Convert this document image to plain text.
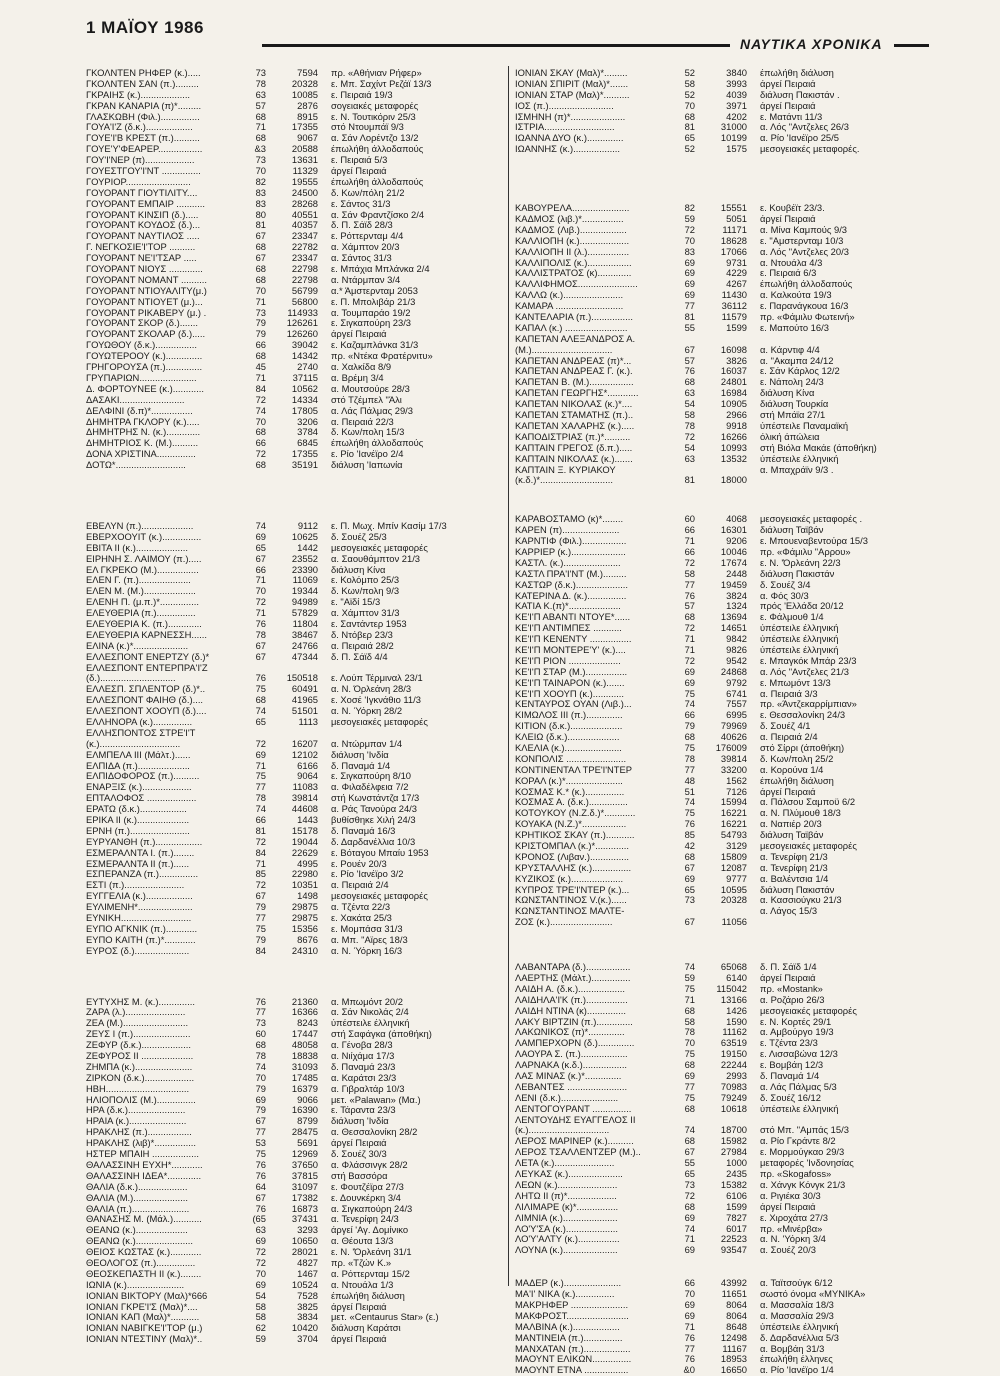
1 ΜΑΪΟΥ 1986
ΝΑΥΤΙΚΑ ΧΡΟΝΙΚΑ
ΓΚΟΛΝΤΕΝ ΡΗΦΕΡ (κ.).....	73	7594 πρ. «Αθήνιαν Ρήφερ»
ΓΚΟΛΝΤΕΝ ΣΑΝ (π.).........	78	20328 ε. Μπ. Σαχίντ Ρεζάϊ 13/3
ΓΚΡΑΙΗΣ (κ.)...................	63	10085 ε. Πειραιά 19/3
ΓΚΡΑΝ ΚΑΝΑΡΙΑ (π)*.........	57	2876 σογειακές μεταφορές
ΓΛΑΣΚΩΒΗ (Φιλ.)...............	68	8915 ε. Ν. Τουτικόριν 25/3
ΓΟΥΑ'Ι'Ζ (δ.κ.)..................	71	17355 στό Ντουμπάϊ 9/3
ΓΟΥΕ'Ι'Β ΚΡΕΣΤ (π.)..........	68	9067 α. Σάν Λορέντζο 13/2
ΓΟΥΕ'Υ'ΦΕΑΡΕΡ.................	&3	20588 έπωλήθη άλλοδαπούς
ΓΟΥ'Ι'ΝΕΡ (π)...................	73	13631 ε. Πειραιά 5/3
ΓΟΥΕΣΤΓΟΥ'Ι'ΝΤ ...............	70	11329 άργεί Πειραιά
ΓΟΥΡΙΟΡ.........................	82	19555 έπωλήθη άλλοδαπούς
ΓΟΥΟΡΑΝΤ ΓΙΟΥΤΙΛΙΤΥ....	83	24500 δ. Κων/πόλη 21/2
ΓΟΥΟΡΑΝΤ ΕΜΠΑΙΡ ...........	83	28268 ε. Σάντος 31/3
ΓΟΥΟΡΑΝΤ ΚΙΝΣΙΠ (δ.).....	80	40551 α. Σάν Φραντζίσκο 2/4
ΓΟΥΟΡΑΝΤ ΚΟΥΔΟΣ (δ.)...	81	40357 δ. Π. Σάϊδ 28/3
ΓΟΥΟΡΑΝΤ ΝΑΥΤΙΛΟΣ .....	67	23347 ε. Ρόττερνταμ 4/4
Γ. ΝΕΓΚΟΣΙΕ'Ι'ΤΟΡ ..........	68	22782 α. Χάμπτον 20/3
ΓΟΥΟΡΑΝΤ ΝΕ'Ι'ΤΣΑΡ .....	67	23347 α. Σάντος 31/3
ΓΟΥΟΡΑΝΤ ΝΙΟΥΣ .............	68	22798 ε. Μπάχια Μπλάνκα 2/4
ΓΟΥΟΡΑΝΤ ΝΟΜΑΝΤ ..........	68	22798 α. Ντάρμπαν 3/4
ΓΟΥΟΡΑΝΤ ΝΤΙΟΥΑΛΙΤΥ(μ.)	70	56799 α.* Άμστερνταμ 2053
ΓΟΥΟΡΑΝΤ ΝΤΙΟΥΕΤ (μ.)...	71	56800 ε. Π. Μπολιβάρ 21/3
ΓΟΥΟΡΑΝΤ ΡΙΚΑΒΕΡΥ (μ.) .	73	114933 α. Τουμπαράο 19/2
ΓΟΥΟΡΑΝΤ ΣΚΟΡ (δ.).......	79	126261 ε. Σιγκαπούρη 23/3
ΓΟΥΟΡΑΝΤ ΣΚΟΛΑΡ (δ.).....	79	126260 άργεί Πειραιά
ΓΟΥΩΘΟΥ (δ.κ.)................	66	39042 ε. Καζαμπλάνκα 31/3
ΓΟΥΩΤΕΡΟΟΥ (κ.)..............	68	14342 πρ. «Ντέκα Φρατέρνιτυ»
ΓΡΗΓΟΡΟΥΣΑ (π.)..............	45	2740 α. Χαλκίδα 8/9
ΓΡΥΠΑΡΙΩΝ......................	71	37115 α. Βρέμη 3/4
Δ. ΦΟΡΤΟΥΝΕΕ (κ.)............	84	10562 α. Μουτσούρε 28/3
ΔΑΣΑΚΙ.........................	72	14334 στό Τζέμπελ "Άλι
ΔΕΛΦΙΝΙ (δ.π)*................	74	17805 α. Λάς Πάλμας 29/3
ΔΗΜΗΤΡΑ ΓΚΛΟΡΥ (κ.).....	70	3206 α. Πειραιά 22/3
ΔΗΜΗΤΡΗΣ Ν. (κ.).............	68	3784 δ. Κων/πολη 15/3
ΔΗΜΗΤΡΙΟΣ Κ. (Μ.)..........	66	6845 έπωλήθη άλλοδαπούς
ΔΟΝΑ ΧΡΙΣΤΙΝΑ...............	72	17355 ε. Ρίο 'Ιανέϊρο 2/4
ΔΟΤΩ*...........................	68	35191 διάλυση 'Ιαπωνία
ΕΒΕΛΥΝ (π.)....................	74	9112 ε. Π. Μωχ. Μπίν Κασίμ 17/3
ΕΒΕΡΧΟΟΥΙΤ (κ.)...............	69	10625 δ. Σουέζ 25/3
ΕΒΙΤΑ ΙΙ (κ.)....................	65	1442 μεσογειακές μεταφορές
ΕΙΡΗΝΗ Σ. ΛΑΙΜΟΥ (π.).....	67	23552 α. Σαουθάμπτον 21/3
ΕΛ ΓΚΡΕΚΟ (Μ.)................	66	23390 διάλυση Κίνα
ΕΛΕΝ Γ. (π.)....................	71	11069 ε. Κολόμπο 25/3
ΕΛΕΝ Μ. (Μ.)....................	70	19344 δ. Κων/πολη 9/3
ΕΛΕΝΗ Π. (μ.π.)*...............	72	94989 ε. "Αϊδί 15/3
ΕΛΕΥΘΕΡΙΑ (π.)...............	71	57829 α. Χάμπτον 31/3
ΕΛΕΥΘΕΡΙΑ Κ. (π.).............	76	11804 ε. Σαντάντερ 1953
ΕΛΕΥΘΕΡΙΑ ΚΑΡΝΕΣΣΗ......	78	38467 δ. Ντόβερ 23/3
ΕΛΙΝΑ (κ.)*.....................	67	24766 α. Πειραιά 28/2
ΕΛΛΕΣΠΟΝΤ ΕΝΕΡΤΖΥ (δ.)*	67	47344 δ. Π. Σάϊδ 4/4
ΕΛΛΕΣΠΟΝΤ ΕΝΤΕΡΠΡΑ'Ι'Ζ
(δ.).............................	76	150518 ε. Λούπ Τέρμιναλ 23/1
ΕΛΛΕΣΠ. ΣΠΛΕΝΤΟΡ (δ.)*..	75	60491 α. Ν. Όρλεάνη 28/3
ΕΛΛΕΣΠΟΝΤ ΦΑΙΗΘ (δ.)....	68	41965 ε. Χοσέ 'Ιγκνάθιο 11/3
ΕΛΛΕΣΠΟΝΤ ΧΟΟΥΠ (δ.)....	74	51501 α. Ν. Ύόρκη 28/2
ΕΛΛΗΝΟΡΑ (κ.)...............	65	1113 μεσογειακές μεταφορές
ΕΛΛΗΣΠΟΝΤΟΣ ΣΤΡΕ'Ι'Τ
(κ.)...............................	72	16207 α. Ντώρμπαν 1/4
ΕΛΜΠΕΛΑ ΙΙΙ (Μάλτ.)......	69	12102 διάλυση 'Ινδία
ΕΛΠΙΔΑ (π.)....................	71	6166 δ. Παναμά 1/4
ΕΛΠΙΔΟΦΟΡΟΣ (π.)..........	75	9064 ε. Σιγκαπούρη 8/10
ΕΝΑΡΞΙΣ (κ.)...................	77	11083 α. Φιλαδέλφεια 7/2
ΕΠΤΑΛΟΦΟΣ ...................	78	39814 στή Κωνστάντζα 17/3
ΕΡΑΤΩ (δ.κ.)..................	74	44608 α. Ράς Τανούρα 24/3
ΕΡΙΚΑ ΙΙ (κ.)....................	66	1443 βυθίσθηκε Χιλή 24/3
ΕΡΝΗ (π.).......................	81	15178 δ. Παναμά 16/3
ΕΥΡΥΑΝΘΗ (π.)..................	72	19044 δ. Δαρδανέλλια 10/3
ΕΣΜΕΡΑΛΝΤΑ Ι. (π.)........	84	22629 ε. Βόταγου Μπαίυ 1953
ΕΣΜΕΡΑΛΝΤΑ ΙΙ (π.)......	71	4995 ε. Ρουέν 20/3
ΕΣΠΕΡΑΝΖΑ (π.)...............	85	22980 ε. Ρίο 'Ιανέϊρο 3/2
ΕΣΤΙ (π.).......................	72	10351 α. Πειραιά 2/4
ΕΥΓΓΕΛΙΑ (κ.)..................	67	1498 μεσογειακές μεταφορές
ΕΥΛΙΜΕΝΗ*.....................	79	29875 α. Τζέντα 22/3
ΕΥΝΙΚΗ...........................	77	29875 ε. Χακάτα 25/3
ΕΥΠΟ ΑΓΚΝΙΚ (π.)............	75	15356 ε. Μομπάσα 31/3
ΕΥΠΟ ΚΑΙΤΗ (π.)*............	79	8676 α. Μπ. "Αϊρες 18/3
ΕΥΡΟΣ (δ.).....................	84	24310 α. Ν. Ύόρκη 16/3
ΕΥΤΥΧΗΣ Μ. (κ.)..............	76	21360 α. Μπωμόντ 20/2
ΖΑΡΑ (λ.).......................	77	16366 α. Σάν Νικολάς 2/4
ΖΕΑ (Μ.).........................	73	8243 ύπέστειλε έλληνική
ΖΕΥΣ Ι (π.)......................	60	17447 στή Σαφάγκα (άποθήκη)
ΖΕΦΥΡ (δ.κ.)...................	68	48058 α. Γένοβα 28/3
ΖΕΦΥΡΟΣ ΙΙ ....................	78	18838 α. Νιίχάμα 17/3
ΖΗΜΠΑ (κ.)......................	74	31093 δ. Παναμά 23/3
ΖΙΡΚΟΝ (δ.κ.)...................	70	17485 α. Καράτσι 23/3
ΗΒΗ................................	79	16379 α. Γιβραλτάρ 10/3
ΗΛΙΟΠΟΛΙΣ (Μ.)...............	69	9066 μετ. «Palawan» (Μα.)
ΗΡΑ (δ.κ.)......................	79	16390 ε. Τάραντα 23/3
ΗΡΑΙΑ (κ.)......................	67	8799 διάλυση 'Ινδία
ΗΡΑΚΛΗΣ (π.).................	77	28475 α. Θεσσαλονίκη 28/2
ΗΡΑΚΛΗΣ (λιβ)*................	53	5691 άργεί Πειραιά
ΗΣΤΕΡ ΜΠΑΙΗ ..................	75	12969 δ. Σουέζ 30/3
ΘΑΛΑΣΣΙΝΗ ΕΥΧΗ*............	76	37650 α. Φλάσσινγκ 28/2
ΘΑΛΑΣΣΙΝΗ ΙΔΕΑ*.............	76	37815 στή Βασσόρα
ΘΑΛΙΑ (δ.κ.)...................	64	31097 ε. Φουτζέϊρα 27/3
ΘΑΛΙΑ (Μ.).....................	67	17382 ε. Δουνκέρκη 3/4
ΘΑΛΙΑ (π.)......................	76	16873 α. Σιγκαπούρη 24/3
ΘΑΝΑΣΗΣ Μ. (Μάλ.)...........	(65	37431 α. Τενερίφη 24/3
ΘΕΑΝΩ (κ.)....................	63	3293 άργεί 'Αγ. Δομίνικο
ΘΕΑΝΩ (κ.)......................	69	10650 α. Θέουτα 13/3
ΘΕΙΟΣ ΚΩΣΤΑΣ (κ.)............	72	28021 ε. Ν. 'Όρλεάνη 31/1
ΘΕΟΛΟΓΟΣ (π.)...............	72	4827 πρ. «Τζών Κ.»
ΘΕΟΣΚΕΠΑΣΤΗ ΙΙ (κ.)........	70	1467 α. Ρόττερνταμ 15/2
ΙΩΝΙΑ (κ.)......................	69	10524 α. Ντουάλα 1/3
ΙΟΝΙΑΝ ΒΙΚΤΟΡΥ (Μαλ)*666	54	7528 έπωλήθη διάλυση
ΙΟΝΙΑΝ ΓΚΡΕ'Ι'Σ (Μαλ)*....	58	3825 άργεί Πειραιά
ΙΟΝΙΑΝ ΚΑΠ (Μαλ)*...........	58	3834 μετ. «Centaurus Star» (ε.)
ΙΟΝΙΑΝ ΝΑΒΙΓΚΕ'Ι'ΤΟΡ (μ.)	62	10420 διάλυση Καράτσι
ΙΟΝΙΑΝ ΝΤΕΣΤΙΝΥ (Μαλ)*..	59	3704 άργεί Πειραιά
ΙΟΝΙΑΝ ΣΚΑΥ (Μαλ)*.........	52	3840 έπωλήθη διάλυση
ΙΟΝΙΑΝ ΣΠΙΡΙΤ (Μαλ)*.......	58	3993 άργεί Πειραιά
ΙΟΝΙΑΝ ΣΤΑΡ (Μαλ)*..........	52	4039 διάλυση Πακιστάν .
ΙΟΣ (π.).........................	70	3971 άργεί Πειραιά
ΙΣΜΗΝΗ (π)*.....................	68	4202 ε. Ματάντι 11/3
ΙΣΤΡΙΑ...........................	81	31000 α. Λός "Αντζελες 26/3
ΙΩΑΝΝΑ ΔΥΟ (κ.)..............	65	10199 α. Ρίο 'Ιανέϊρο 25/5
ΙΩΑΝΝΗΣ (κ.)..................	52	1575 μεσογειακές μεταφορές.
ΚΑΒΟΥΡΕΛΑ......................	82	15551 ε. Κουβέϊτ 23/3.
ΚΑΔΜΟΣ (λιβ.)*................	59	5051 άργεί Πειραιά
ΚΑΔΜΟΣ (Λιβ.)..................	72	11171 α. Μίνα Καμπούς 9/3
ΚΑΛΛΙΟΠΗ (κ.)...................	70	18628 ε. "Αμστερνταμ 10/3
ΚΑΛΛΙΟΠΗ ΙΙ (λ.)................	83	17066 α. Λός "Αντζελες 20/3
ΚΑΛΛΙΠΟΛΙΣ (κ.).................	69	9731 α. Ντουάλα 4/3
ΚΑΛΛΙΣΤΡΑΤΟΣ (κ).............	69	4229 ε. Πειραιά 6/3
ΚΑΛΛΙΦΗΜΟΣ.......................	69	4267 έπωλήθη άλλοδαπούς
ΚΑΛΛΩ (κ.).......................	69	11430 α. Καλκούτα 19/3
ΚΑΜΑΡΑ ..........................	77	36112 ε. Παρανάγκουα 16/3
ΚΑΝΤΕΛΑΡΙΑ (π.)................	81	11579 πρ. «Φάμιλυ Φωτεινή»
ΚΑΠΑΛ (κ.) ........................	55	1599 ε. Μαπούτο 16/3
ΚΑΠΕΤΑΝ ΑΛΕΞΑΝΔΡΟΣ Α.
(Μ.)...............................	67	16098 α. Κάρντιφ 4/4
ΚΑΠΕΤΑΝ ΑΝΔΡΕΑΣ (π)*...	57	3826 α. "Ακαμπα 24/12
ΚΑΠΕΤΑΝ ΑΝΔΡΕΑΣ Γ. (κ.).	76	16037 ε. Σάν Κάρλος 12/2
ΚΑΠΕΤΑΝ Β. (Μ.).................	68	24801 ε. Νάπολη 24/3
ΚΑΠΕΤΑΝ ΓΕΩΡΓΗΣ*............	63	16984 διάλυση Κίνα
ΚΑΠΕΤΑΝ ΝΙΚΟΛΑΣ (κ.)*....	54	10905 διάλυση Τουρκία
ΚΑΠΕΤΑΝ ΣΤΑΜΑΤΗΣ (π.)..	58	2966 στή Μπάϊα 27/1
ΚΑΠΕΤΑΝ ΧΑΛΑΡΗΣ (κ.).....	78	9918 ύπέστειλε Παναμαϊκή
ΚΑΠΟΔΙΣΤΡΙΑΣ (π.)*..........	72	16266 όλική άπώλεια
ΚΑΠΤΑΙΝ ΓΡΕΓΟΣ (δ.π.).....	54	10993 στή Βιόλα Μακάε (άποθήκη)
ΚΑΠΤΑΙΝ ΝΙΚΟΛΑΣ (κ.).......	63	13532 ύπέστειλε έλληνική
ΚΑΠΤΑΙΝ Ξ. ΚΥΡΙΑΚΟΥ	α. Μπαχράϊν 9/3 .
(κ.δ.)*............................	81	18000
ΚΑΡΑΒΟΣΤΑΜΟ (κ)*........	60	4068 μεσογειακές μεταφορές .
ΚΑΡΕΝ (π)......................	66	16301 διάλυση Ταϊβάν
ΚΑΡΝΤΙΦ (Φιλ.).................	71	9206 ε. Μπουεναβεντούρα 15/3
ΚΑΡΡΙΕΡ (κ.).....................	66	10046 πρ. «Φάμιλυ "Αρρου»
ΚΑΣΤΛ. (κ.)......................	72	17674 ε. Ν. 'Όρλεάνη 22/3
ΚΑΣΤΛ ΠΡΑ'Ι'ΝΤ (Μ.).........	58	2448 διάλυση Πακιστάν
ΚΑΣΤΩΡ (δ.κ.)....................	77	19459 δ. Σουέζ 3/4
ΚΑΤΕΡΙΝΑ Δ. (κ.)...............	76	3824 α. Φός 30/3
ΚΑΤΙΑ Κ.(π)*....................	57	1324 πρός 'Ελλάδα 20/12
ΚΕ'Ι'Π ΑΒΑΝΤΙ ΝΤΟΥΕ*......	68	13694 ε. Φάλμουθ 1/4
ΚΕ'Ι'Π ΑΝΤΙΜΠΕΣ ...........	72	14651 ύπέστειλε έλληνική
ΚΕ'Ι'Π ΚΕΝΕΝΤΥ ................	71	9842 ύπέστειλε έλληνική
ΚΕ'Ι'Π ΜΟΝΤΕΡΕ'Υ' (κ.)....	71	9826 ύπέστειλε έλληνική
ΚΕ'Ι'Π ΡΙΟΝ ....................	72	9542 ε. Μπαγκόκ Μπάρ 23/3
ΚΕ'Ι'Π ΣΤΑΡ (Μ.)................	69	24868 α. Λός "Αντζελες 21/3
ΚΕ'Ι'Π ΤΑΙΝΑΡΟΝ (κ.).......	69	9792 ε. Μπωμόντ 13/3
ΚΕ'Ι'Π ΧΟΟΥΠ (κ.)............	75	6741 α. Πειραιά 3/3
ΚΕΝΤΑΥΡΟΣ ΟΥΑΝ (Λιβ.)...	74	7557 πρ. «Άντζεκαρρίμπιαν»
ΚΙΜΩΛΟΣ ΙΙΙ (π.)..............	66	6995 ε. Θεσσαλονίκη 24/3
ΚΙΤΙΟΝ (δ.κ.)....................	79	79969 δ. Σουέζ 4/1
ΚΛΕΙΩ (δ.κ.)....................	68	40626 α. Πειραιά 2/4
ΚΛΕΛΙΑ (κ.)......................	75	176009 στό Σίρρι (άποθήκη)
ΚΟΝΠΟΛΙΣ .......................	78	39814 δ. Κων/πολη 25/2
ΚΟΝΤΙΝΕΝΤΑΛ ΤΡΕ'Ι'ΝΤΕΡ	77	33200 α. Κορούνα 1/4
ΚΟΡΑΛ (κ.)*......................	48	1562 έπωλήθη διάλυση
ΚΟΣΜΑΣ Κ.* (κ.)...............	51	7126 άργεί Πειραιά
ΚΟΣΜΑΣ Α. (δ.κ.)...............	74	15994 α. Πάλσου Σαμποϋ 6/2
ΚΟΤΟΥΚΟΥ (Ν.Ζ.δ.)*............	75	16221 α. Ν. Πλύμουθ 18/3
ΚΟΥΑΚΑ (Ν.Ζ.)*.................	76	16221 α. Ναπιέρ 20/3
ΚΡΗΤΙΚΟΣ ΣΚΑΥ (π.)...........	85	54793 διάλυση Ταϊβάν
ΚΡΙΣΤΟΜΠΑΛ (κ.)*.............	42	3129 μεσογειακές μεταφορές
ΚΡΟΝΟΣ (Λιβαν.)...............	68	15809 α. Τενερίφη 21/3
ΚΡΥΣΤΑΛΛΗΣ (κ.)...............	67	12087 α. Τενερίφη 21/3
ΚΥΖΙΚΟΣ (κ.)....................	69	9777 α. Βαλέντσια 1/4
ΚΥΠΡΟΣ ΤΡΕ'Ι'ΝΤΕΡ (κ.)...	65	10595 διάλυση Πακιστάν
ΚΩΝΣΤΑΝΤΙΝΟΣ V.(κ.)......	73	20328 α. Κασσιούγκυ 21/3
ΚΩΝΣΤΑΝΤΙΝΟΣ ΜΑΛΤΕ-	α. Λάγος 15/3
ΖΟΣ (κ.)........................	67	11056
ΛΑΒΑΝΤΑΡΑ (δ.).................	74	65068 δ. Π. Σάϊδ 1/4
ΛΑΕΡΤΗΣ (Μάλτ.)...............	59	6140 άργεί Πειραιά
ΛΑΙΔΗ Α. (δ.κ.)..................	75	115042 πρ. «Mostank»
ΛΑΙΔΗΛΑ'Ι'Κ (π.)................	71	13166 α. Ροζάριο 26/3
ΛΑΙΔΗ ΝΤΙΝΑ (κ)...............	68	1426 μεσογειακές μεταφορές
ΛΑΚΥ ΒΙΡΤΖΙΝ (π.)..............	58	1590 ε. Ν. Κορτές 29/1
ΛΑΚΩΝΙΚΟΣ (π)*..............	78	11162 α. Αμβούργο 19/3
ΛΑΜΠΕΡΧΟΡΝ (δ.)..............	70	63519 ε. Τζέντα 23/3
ΛΑΟΥΡΑ Σ. (π.)..................	75	19150 ε. Λισσαβώνα 12/3
ΛΑΡΝΑΚΑ (κ.δ.).................	68	22244 ε. Βομβάη 12/3
ΛΑΣ ΜΙΝΑΣ (κ.)*..............	69	2993 δ. Παναμά 1/4
ΛΕΒΑΝΤΕΣ .......................	77	70983 α. Λάς Πάλμας 5/3
ΛΕΝΙ (δ.κ.)......................	75	79249 δ. Σουέζ 16/12
ΛΕΝΤΟΓΟΥΡΑΝΤ ...............	68	10618 ύπέστειλε έλληνική
ΛΕΝΤΟΥΔΗΣ ΕΥΑΓΓΕΛΟΣ ΙΙ
(κ.)...............................	74	18700 στό Μπ. "Αμπάς 15/3
ΛΕΡΟΣ ΜΑΡΙΝΕΡ (κ.)..........	68	15982 α. Ρίο Γκράντε 8/2
ΛΕΡΟΣ ΤΣΑΛΛΕΝΤΖΕΡ (Μ.)..	67	27984 ε. Μορμούγκαο 29/3
ΛΕΤΑ (κ.).......................	55	1000 μεταφορές 'Ινδονησίας
ΛΕΥΚΑΣ (κ.).....................	65	2435 πρ. «Skogafoss»
ΛΕΩΝ (κ.).......................	73	15382 α. Χάνγκ Κόνγκ 21/3
ΛΗΤΩ ΙΙ (π)*...................	72	6106 α. Ριγιέκα 30/3
ΛΙΛΙΜΑΡΕ (κ)*................	68	1599 άργεί Πειραιά
ΛΙΜΝΙΑ (κ.).....................	69	7827 ε. Χιροχάτα 27/3
ΛΟ'Υ'ΣΑ (κ.)....................	74	6017 πρ. «Μινέρβα»
ΛΟ'Υ'ΑΛΤΥ (κ.)................	71	22523 α. Ν. 'Υόρκη 3/4
ΛΟΥΝΑ (κ.).....................	69	93547 α. Σουέζ 20/3
ΜΑΔΕΡ (κ.)......................	66	43992 α. Ταϊτσούγκ 6/12
ΜΑ'Ι' ΝΙΚΑ (κ.)...............	70	11651 σωστό όνομα «ΜΥΝΙΚΑ»
ΜΑΚΡΗΦΕΡ ......................	69	8064 α. Μασσαλία 18/3
ΜΑΚΦΡΟΣΤ........................	69	8064 α. Μασσαλία 29/3
ΜΑΛΒΙΝΑ (κ.)..................	71	8648 ύπέστειλε έλληνική
ΜΑΝΤΙΝΕΙΑ (π.)...............	76	12498 δ. Δαρδανέλλια 5/3
ΜΑΝΧΑΤΑΝ (π.)..................	77	11167 α. Βομβάη 31/3
ΜΑΟΥΝΤ ΕΛΙΚΩΝ...............	76	18953 έπωλήθη έλληνες
ΜΑΟΥΝΤ ΕΤΝΑ .................	&0	16650 α. Ρίο 'Ιανέϊρο 1/4
